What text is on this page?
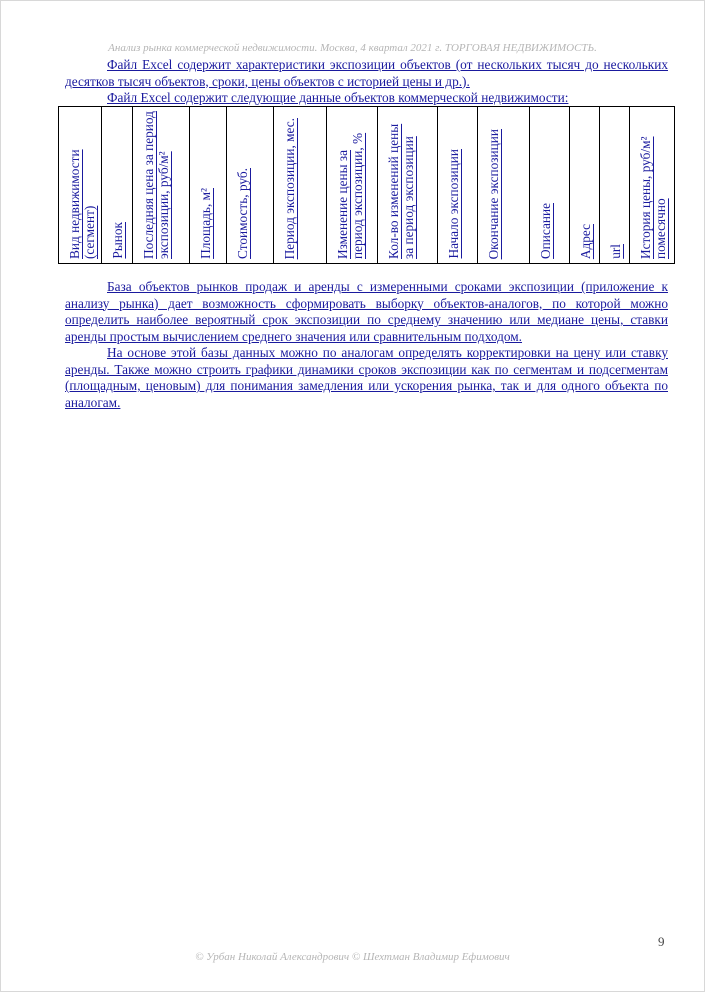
Анализ рынка коммерческой недвижимости. Москва, 4 квартал 2021 г. ТОРГОВАЯ НЕДВИЖИМОСТЬ.

Файл Excel содержит характеристики экспозиции объектов (от нескольких тысяч до нескольких десятков тысяч объектов, сроки, цены объектов с историей цены и др.).

Файл Excel содержит следующие данные объектов коммерческой недвижимости:

Вид недвижимости (сегмент)	Рынок	Последняя цена за период экспозиции, руб/м²	Площадь, м²	Стоимость, руб.	Период экспозиции, мес.	Изменение цены за период экспозиции, %	Кол-во изменений цены за период экспозиции	Начало экспозиции	Окончание экспозиции	Описание	Адрес	url	История цены, руб/м² помесячно

База объектов рынков продаж и аренды с измеренными сроками экспозиции (приложение к анализу рынка) дает возможность сформировать выборку объектов-аналогов, по которой можно определить наиболее вероятный срок экспозиции по среднему значению или медиане цены, ставки аренды простым вычислением среднего значения или сравнительным подходом.

На основе этой базы данных можно по аналогам определять корректировки на цену или ставку аренды. Также можно строить графики динамики сроков экспозиции как по сегментам и подсегментам (площадным, ценовым) для понимания замедления или ускорения рынка, так и для одного объекта по аналогам.

9
© Урбан Николай Александрович © Шехтман Владимир Ефимович
